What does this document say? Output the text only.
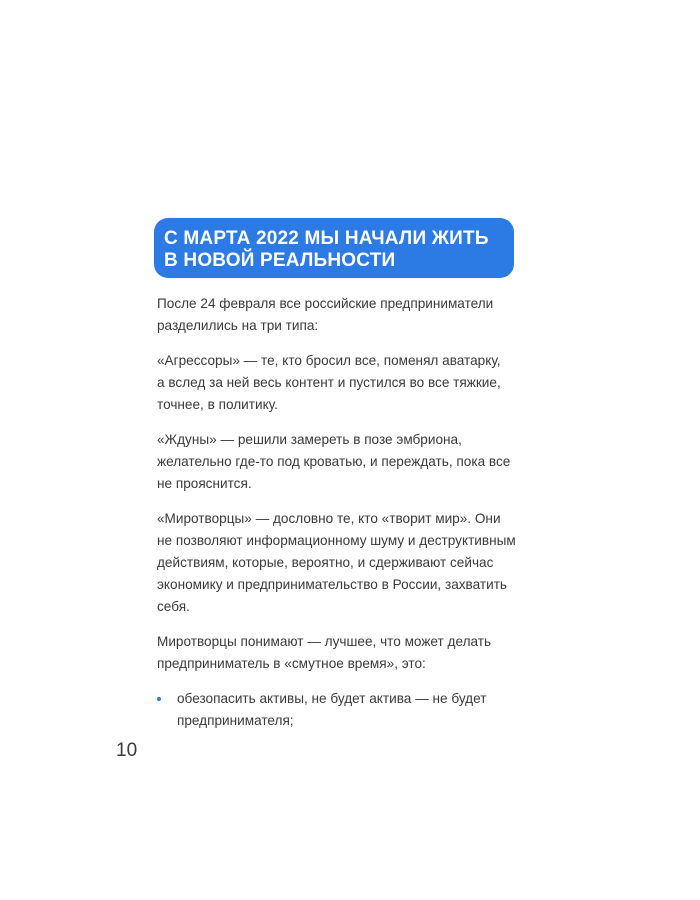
С МАРТА 2022 МЫ НАЧАЛИ ЖИТЬ
В НОВОЙ РЕАЛЬНОСТИ

После 24 февраля все российские предприниматели
разделились на три типа:

«Агрессоры» — те, кто бросил все, поменял аватарку,
а вслед за ней весь контент и пустился во все тяжкие,
точнее, в политику.

«Ждуны» — решили замереть в позе эмбриона,
желательно где-то под кроватью, и переждать, пока все
не прояснится.

«Миротворцы» — дословно те, кто «творит мир». Они
не позволяют информационному шуму и деструктивным
действиям, которые, вероятно, и сдерживают сейчас
экономику и предпринимательство в России, захватить
себя.

Миротворцы понимают — лучшее, что может делать
предприниматель в «смутное время», это:

обезопасить активы, не будет актива — не будет
предпринимателя;
10
